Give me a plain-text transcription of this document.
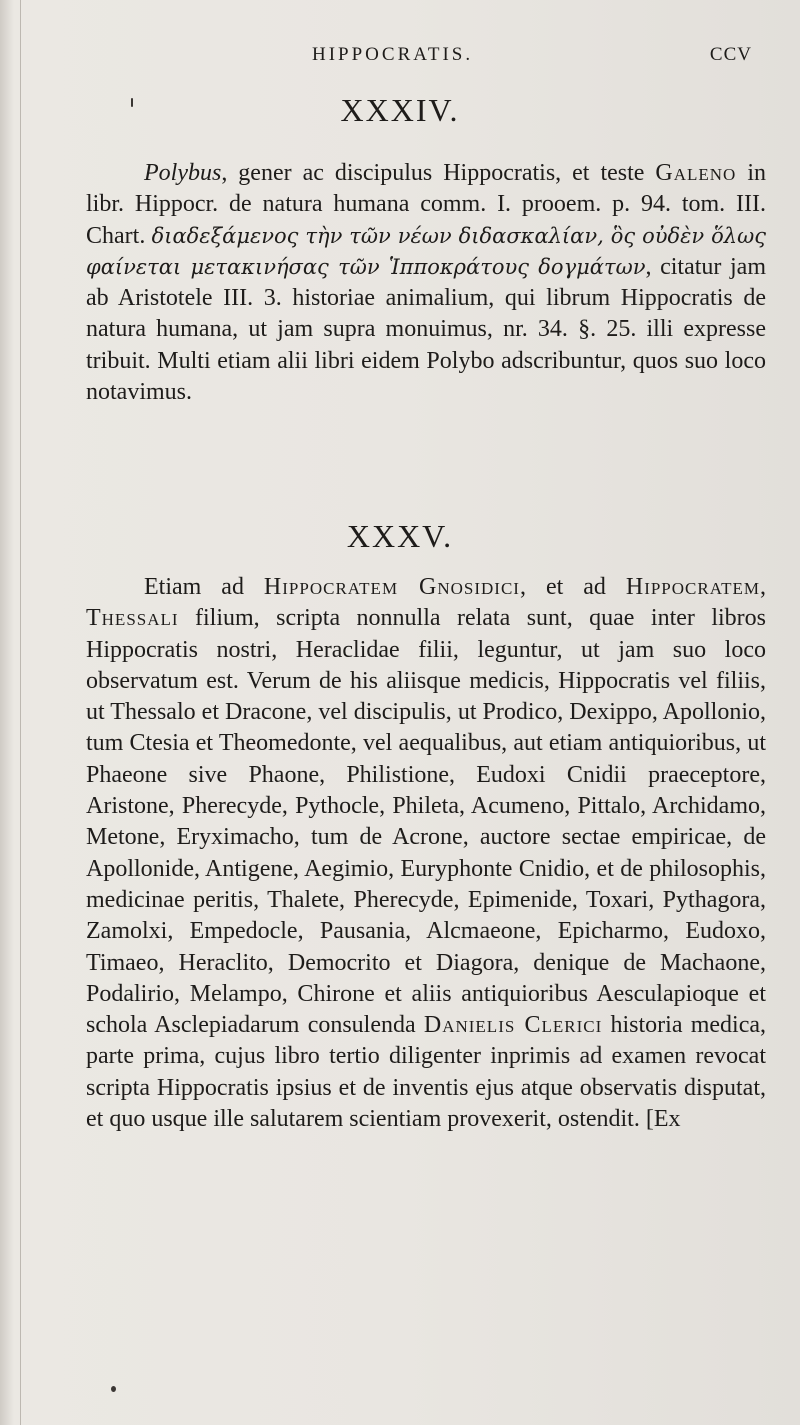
HIPPOCRATIS.	CCV
XXXIV.

Polybus, gener ac discipulus Hippocratis, et teste Galeno in libr. Hippocr. de natura humana comm. I. prooem. p. 94. tom. III. Chart. διαδεξάμενος τὴν τῶν νέων διδασκαλίαν, ὃς οὐδὲν ὅλως φαίνεται μετακινήσας τῶν Ἱπποκράτους δογμάτων, citatur jam ab Aristotele III. 3. historiae animalium, qui librum Hippocratis de natura humana, ut jam supra monuimus, nr. 34. §. 25. illi expresse tribuit. Multi etiam alii libri eidem Polybo adscribuntur, quos suo loco notavimus.

XXXV.

Etiam ad Hippocratem Gnosidici, et ad Hippocratem, Thessali filium, scripta nonnulla relata sunt, quae inter libros Hippocratis nostri, Heraclidae filii, leguntur, ut jam suo loco observatum est. Verum de his aliisque medicis, Hippocratis vel filiis, ut Thessalo et Dracone, vel discipulis, ut Prodico, Dexippo, Apollonio, tum Ctesia et Theomedonte, vel aequalibus, aut etiam antiquioribus, ut Phaeone sive Phaone, Philistione, Eudoxi Cnidii praeceptore, Aristone, Pherecyde, Pythocle, Phileta, Acumeno, Pittalo, Archidamo, Metone, Eryximacho, tum de Acrone, auctore sectae empiricae, de Apollonide, Antigene, Aegimio, Euryphonte Cnidio, et de philosophis, medicinae peritis, Thalete, Pherecyde, Epimenide, Toxari, Pythagora, Zamolxi, Empedocle, Pausania, Alcmaeone, Epicharmo, Eudoxo, Timaeo, Heraclito, Democrito et Diagora, denique de Machaone, Podalirio, Melampo, Chirone et aliis antiquioribus Aesculapioque et schola Asclepiadarum consulenda Danielis Clerici historia medica, parte prima, cujus libro tertio diligenter inprimis ad examen revocat scripta Hippocratis ipsius et de inventis ejus atque observatis disputat, et quo usque ille salutarem scientiam provexerit, ostendit. [Ex
